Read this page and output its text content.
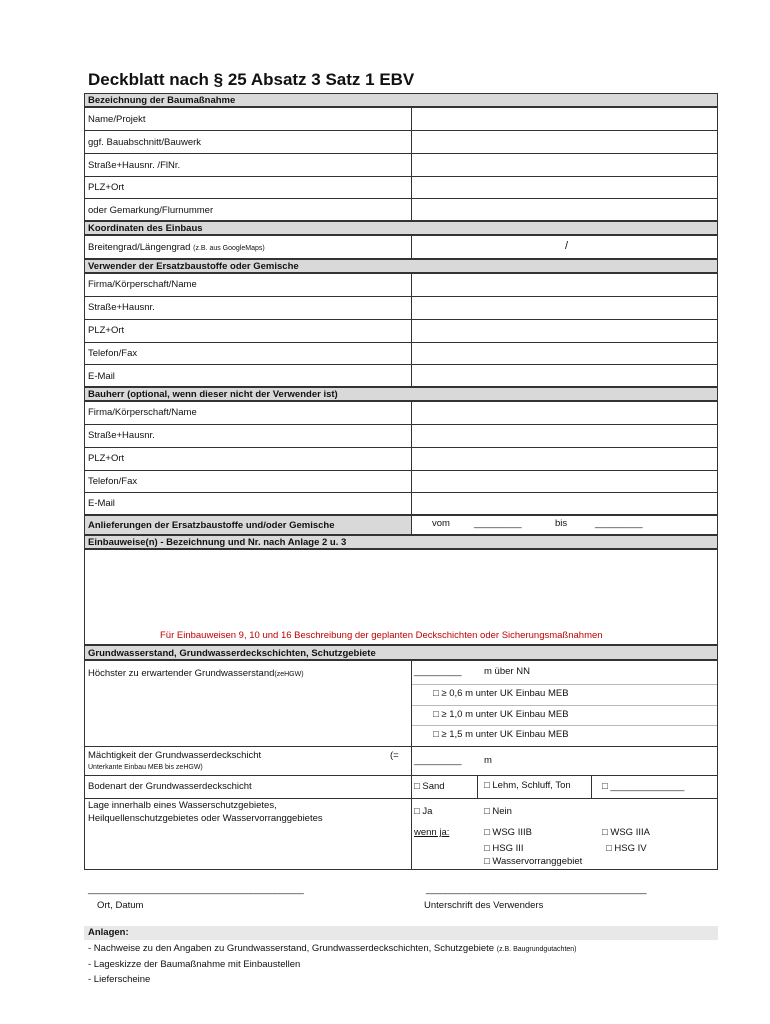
Deckblatt nach § 25 Absatz 3 Satz 1 EBV
Bezeichnung der Baumaßnahme
Name/Projekt
ggf. Bauabschnitt/Bauwerk
Straße+Hausnr. /FlNr.
PLZ+Ort
oder Gemarkung/Flurnummer
Koordinaten des Einbaus
Breitengrad/Längengrad (z.B. aus GoogleMaps)	/
Verwender der Ersatzbaustoffe oder Gemische
Firma/Körperschaft/Name
Straße+Hausnr.
PLZ+Ort
Telefon/Fax
E-Mail
Bauherr (optional, wenn dieser nicht der Verwender ist)
Firma/Körperschaft/Name
Straße+Hausnr.
PLZ+Ort
Telefon/Fax
E-Mail
Anlieferungen der Ersatzbaustoffe und/oder Gemische	vom	_________	bis	_________
Einbauweise(n) - Bezeichnung und Nr. nach Anlage 2 u. 3
Für Einbauweisen 9, 10 und 16 Beschreibung der geplanten Deckschichten oder Sicherungsmaßnahmen
Grundwasserstand, Grundwasserdeckschichten, Schutzgebiete
Höchster zu erwartender Grundwasserstand(zeHGW)	_________ m über NN
□ ≥ 0,6 m unter UK Einbau MEB
□ ≥ 1,0 m unter UK Einbau MEB
□ ≥ 1,5 m unter UK Einbau MEB
Mächtigkeit der Grundwasserdeckschicht	(=
Unterkante Einbau MEB bis zeHGW)
_________ m
Bodenart der Grundwasserdeckschicht	□ Sand	□ Lehm, Schluff, Ton	□ ______________
Lage innerhalb eines Wasserschutzgebietes,
Heilquellenschutzgebietes oder Wasservorranggebietes
□ Ja	□ Nein
wenn ja:	□ WSG IIIB	□ WSG IIIA
□ HSG III	□ HSG IV
□ Wasservorranggebiet
_____________________________________________	______________________________________________
Ort, Datum	Unterschrift des Verwenders
Anlagen:
- Nachweise zu den Angaben zu Grundwasserstand, Grundwasserdeckschichten, Schutzgebiete (z.B. Baugrundgutachten)
- Lageskizze der Baumaßnahme mit Einbaustellen
- Lieferscheine
